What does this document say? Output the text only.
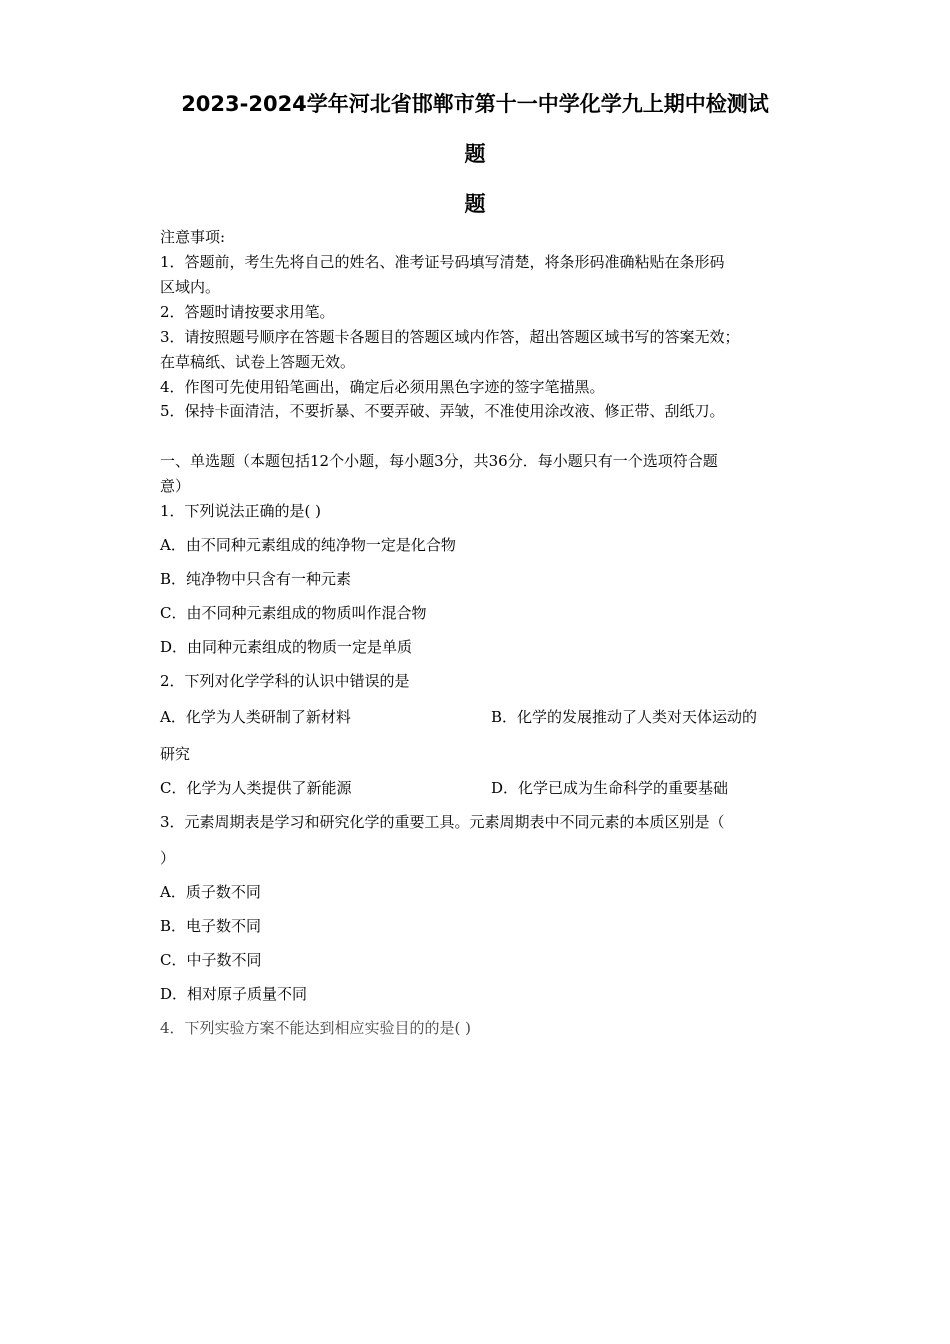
2023-2024学年河北省邯郸市第十一中学化学九上期中检测试
题
题
注意事项:
1．答题前，考生先将自己的姓名、准考证号码填写清楚，将条形码准确粘贴在条形码
区域内。
2．答题时请按要求用笔。
3．请按照题号顺序在答题卡各题目的答题区域内作答，超出答题区域书写的答案无效；
在草稿纸、试卷上答题无效。
4．作图可先使用铅笔画出，确定后必须用黑色字迹的签字笔描黑。
5．保持卡面清洁，不要折暴、不要弄破、弄皱，不准使用涂改液、修正带、刮纸刀。
一、单选题（本题包括12个小题，每小题3分，共36分．每小题只有一个选项符合题
意）
1．下列说法正确的是( )
A．由不同种元素组成的纯净物一定是化合物
B．纯净物中只含有一种元素
C．由不同种元素组成的物质叫作混合物
D．由同种元素组成的物质一定是单质
2．下列对化学学科的认识中错误的是
A．化学为人类研制了新材料	B．化学的发展推动了人类对天体运动的
研究
C．化学为人类提供了新能源	D．化学已成为生命科学的重要基础
3．元素周期表是学习和研究化学的重要工具。元素周期表中不同元素的本质区别是（
）
A．质子数不同
B．电子数不同
C．中子数不同
D．相对原子质量不同
4．下列实验方案不能达到相应实验目的的是( )
